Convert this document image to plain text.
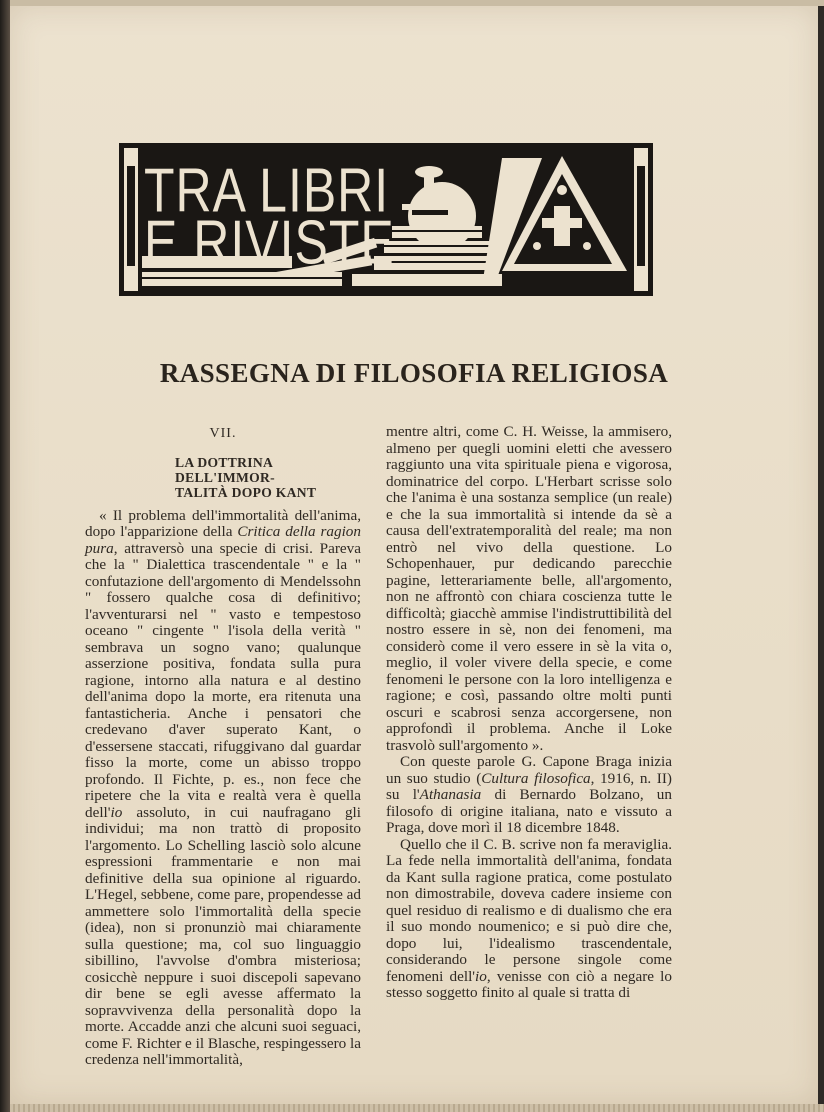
TRA LIBRI
E RIVISTE
RASSEGNA DI FILOSOFIA RELIGIOSA
VII.
LA DOTTRINA DELL'IMMOR-
TALITÀ DOPO KANT

« Il problema dell'immortalità dell'anima, dopo l'apparizione della Critica della ragion pura, attraversò una specie di crisi. Pareva che la " Dialettica trascendentale " e la " confutazione dell'argomento di Mendelssohn " fossero qualche cosa di definitivo; l'avventurarsi nel " vasto e tempestoso oceano " cingente " l'isola della verità " sembrava un sogno vano; qualunque asserzione positiva, fondata sulla pura ragione, intorno alla natura e al destino dell'anima dopo la morte, era ritenuta una fantasticheria. Anche i pensatori che credevano d'aver superato Kant, o d'essersene staccati, rifuggivano dal guardar fisso la morte, come un abisso troppo profondo. Il Fichte, p. es., non fece che ripetere che la vita e realtà vera è quella dell'io assoluto, in cui naufragano gli individui; ma non trattò di proposito l'argomento. Lo Schelling lasciò solo alcune espressioni frammentarie e non mai definitive della sua opinione al riguardo. L'Hegel, sebbene, come pare, propendesse ad ammettere solo l'immortalità della specie (idea), non si pronunziò mai chiaramente sulla questione; ma, col suo linguaggio sibillino, l'avvolse d'ombra misteriosa; cosicchè neppure i suoi discepoli sapevano dir bene se egli avesse affermato la sopravvivenza della personalità dopo la morte. Accadde anzi che alcuni suoi seguaci, come F. Richter e il Blasche, respingessero la credenza nell'immortalità,

mentre altri, come C. H. Weisse, la ammisero, almeno per quegli uomini eletti che avessero raggiunto una vita spirituale piena e vigorosa, dominatrice del corpo. L'Herbart scrisse solo che l'anima è una sostanza semplice (un reale) e che la sua immortalità si intende da sè a causa dell'extratemporalità del reale; ma non entrò nel vivo della questione. Lo Schopenhauer, pur dedicando parecchie pagine, letterariamente belle, all'argomento, non ne affrontò con chiara coscienza tutte le difficoltà; giacchè ammise l'indistruttibilità del nostro essere in sè, non dei fenomeni, ma considerò come il vero essere in sè la vita o, meglio, il voler vivere della specie, e come fenomeni le persone con la loro intelligenza e ragione; e così, passando oltre molti punti oscuri e scabrosi senza accorgersene, non approfondì il problema. Anche il Loke trasvolò sull'argomento ».

Con queste parole G. Capone Braga inizia un suo studio (Cultura filosofica, 1916, n. II) su l'Athanasia di Bernardo Bolzano, un filosofo di origine italiana, nato e vissuto a Praga, dove morì il 18 dicembre 1848.

Quello che il C. B. scrive non fa meraviglia. La fede nella immortalità dell'anima, fondata da Kant sulla ragione pratica, come postulato non dimostrabile, doveva cadere insieme con quel residuo di realismo e di dualismo che era il suo mondo noumenico; e si può dire che, dopo lui, l'idealismo trascendentale, considerando le persone singole come fenomeni dell'io, venisse con ciò a negare lo stesso soggetto finito al quale si tratta di
